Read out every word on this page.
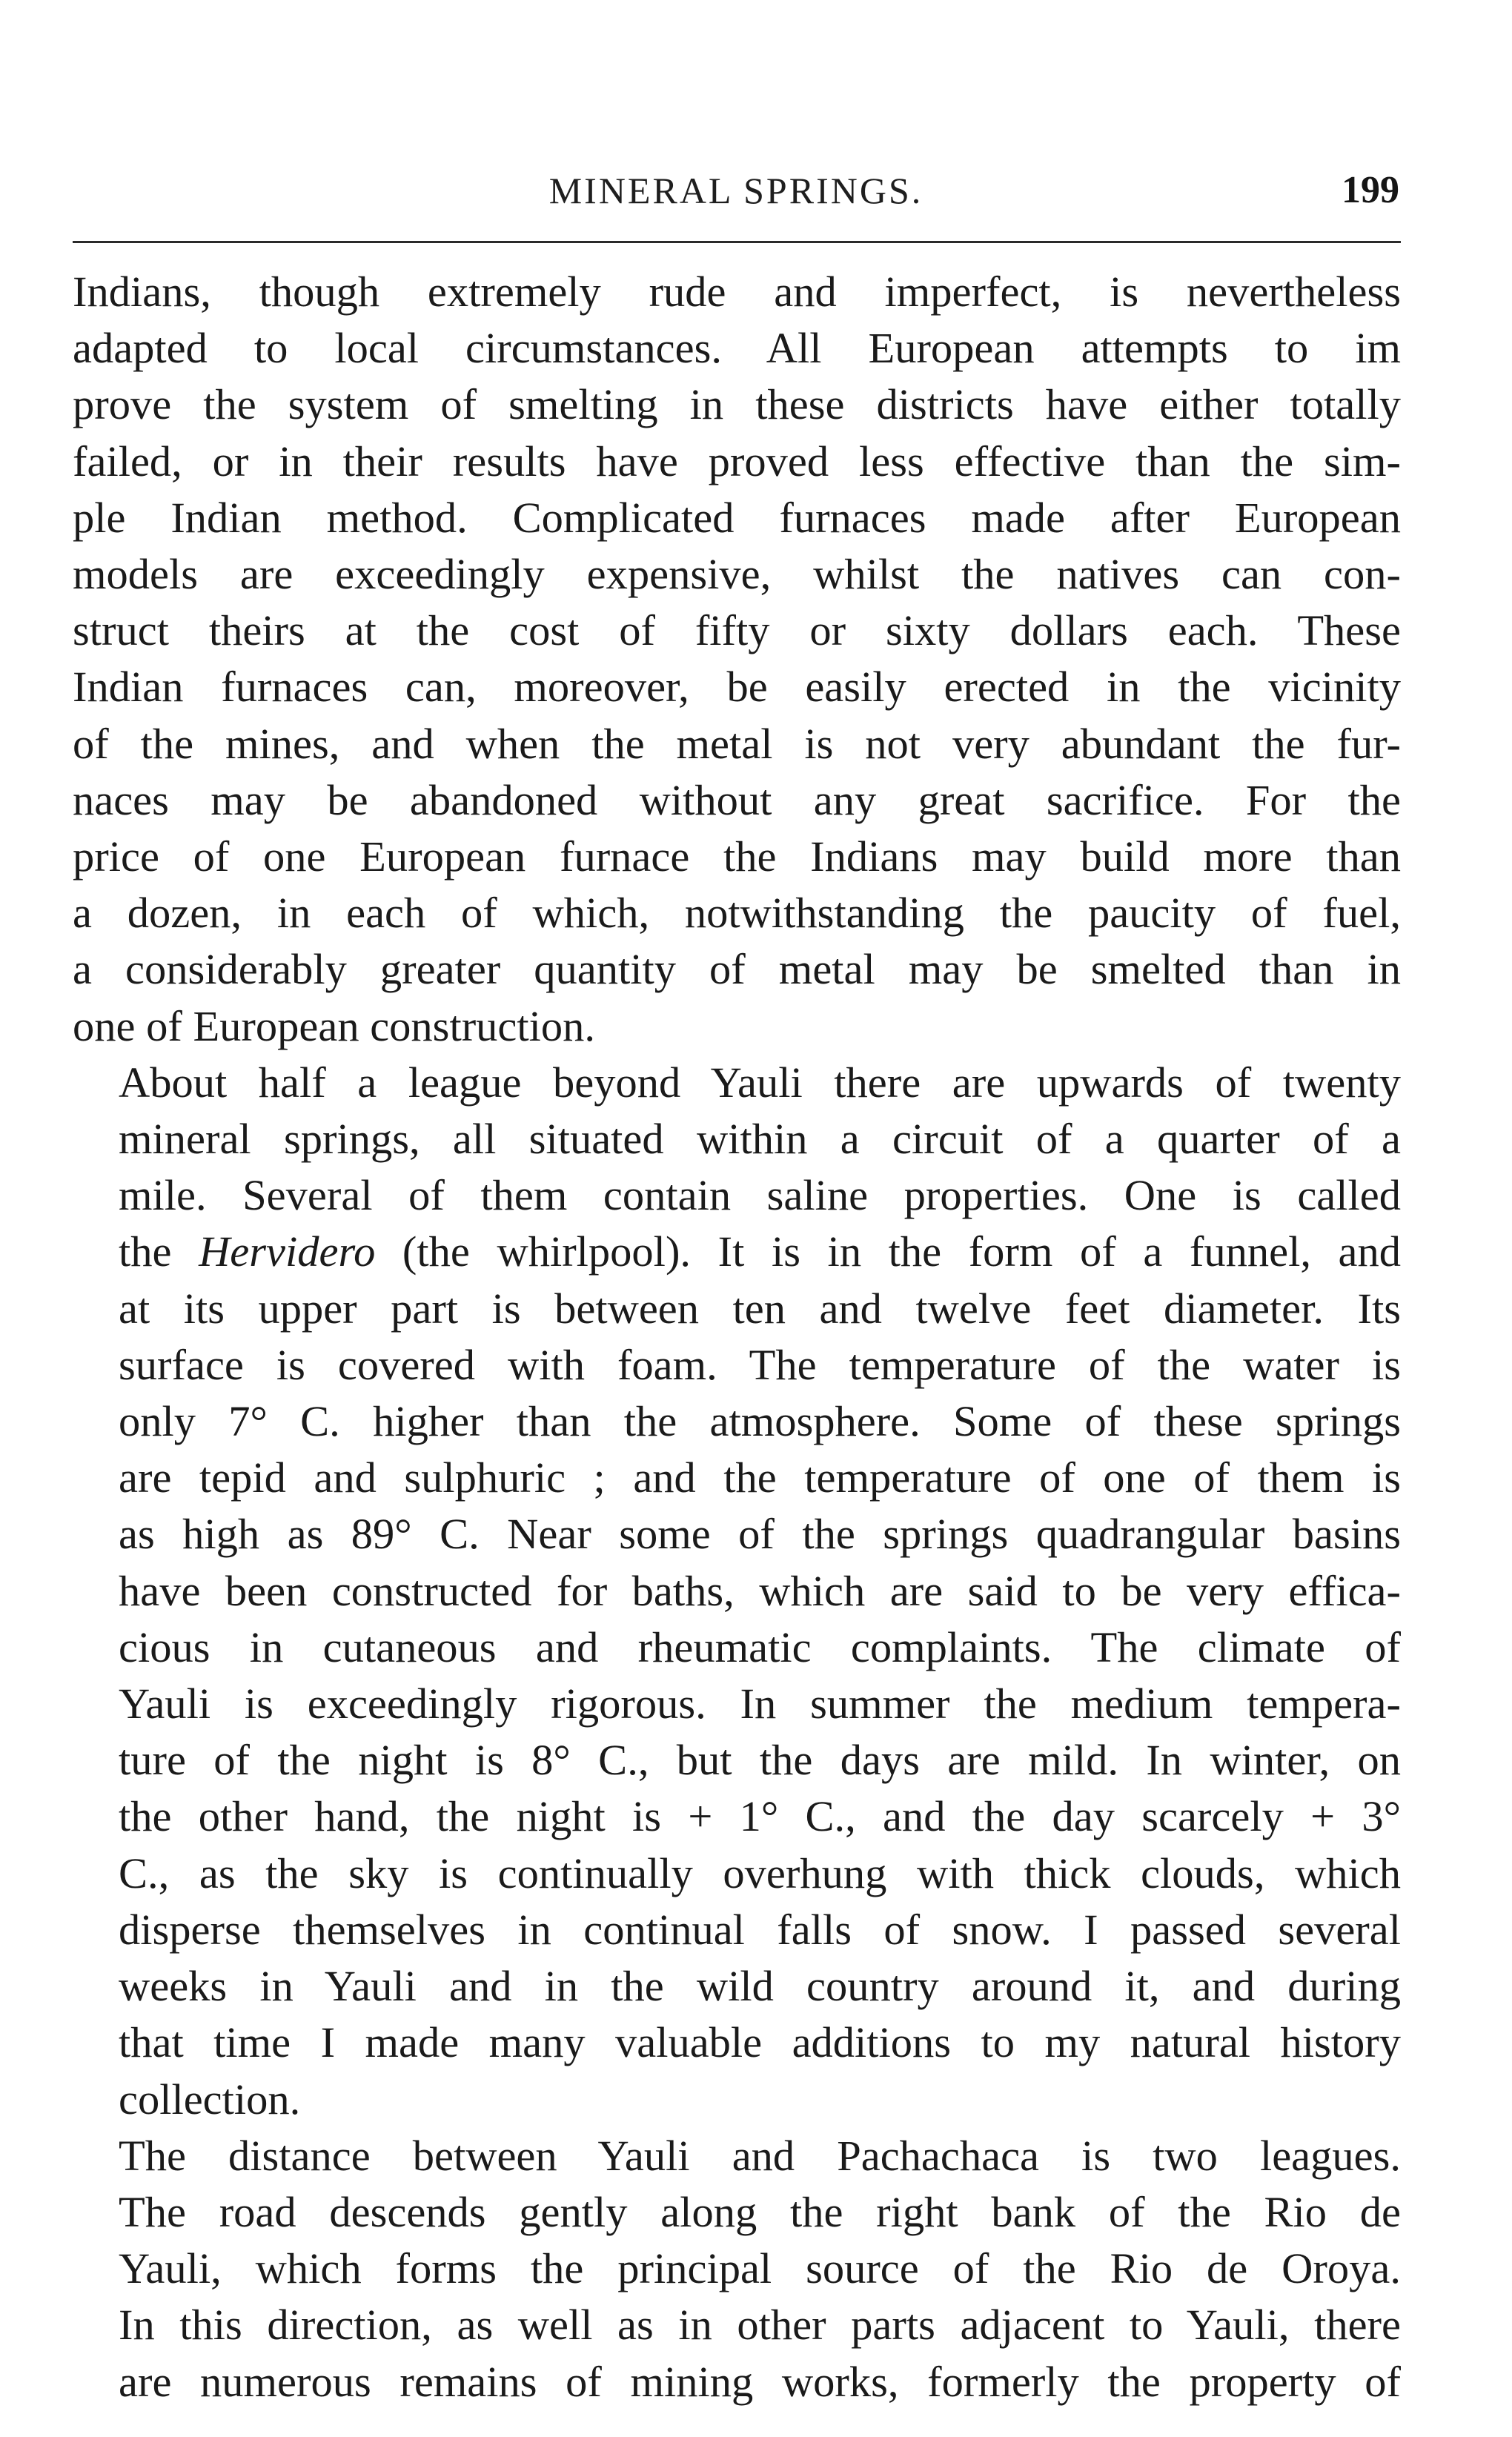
MINERAL SPRINGS.	199

Indians, though extremely rude and imperfect, is nevertheless
adapted to local circumstances. All European attempts to im
prove the system of smelting in these districts have either totally
failed, or in their results have proved less effective than the sim-
ple Indian method. Complicated furnaces made after European
models are exceedingly expensive, whilst the natives can con-
struct theirs at the cost of fifty or sixty dollars each. These
Indian furnaces can, moreover, be easily erected in the vicinity
of the mines, and when the metal is not very abundant the fur-
naces may be abandoned without any great sacrifice. For the
price of one European furnace the Indians may build more than
a dozen, in each of which, notwithstanding the paucity of fuel,
a considerably greater quantity of metal may be smelted than in
one of European construction.

About half a league beyond Yauli there are upwards of twenty
mineral springs, all situated within a circuit of a quarter of a
mile. Several of them contain saline properties. One is called
the Hervidero (the whirlpool). It is in the form of a funnel, and
at its upper part is between ten and twelve feet diameter. Its
surface is covered with foam. The temperature of the water is
only 7° C. higher than the atmosphere. Some of these springs
are tepid and sulphuric ; and the temperature of one of them is
as high as 89° C. Near some of the springs quadrangular basins
have been constructed for baths, which are said to be very effica-
cious in cutaneous and rheumatic complaints. The climate of
Yauli is exceedingly rigorous. In summer the medium tempera-
ture of the night is 8° C., but the days are mild. In winter, on
the other hand, the night is + 1° C., and the day scarcely + 3°
C., as the sky is continually overhung with thick clouds, which
disperse themselves in continual falls of snow. I passed several
weeks in Yauli and in the wild country around it, and during
that time I made many valuable additions to my natural history
collection.

The distance between Yauli and Pachachaca is two leagues.
The road descends gently along the right bank of the Rio de
Yauli, which forms the principal source of the Rio de Oroya.
In this direction, as well as in other parts adjacent to Yauli, there
are numerous remains of mining works, formerly the property of
